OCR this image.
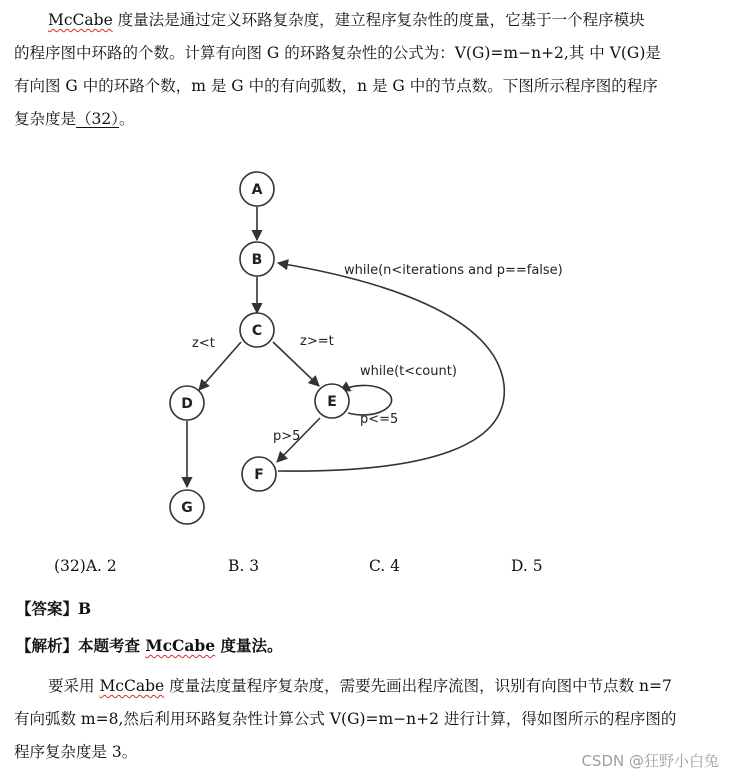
McCabe 度量法是通过定义环路复杂度，建立程序复杂性的度量，它基于一个程序模块
的程序图中环路的个数。计算有向图 G 的环路复杂性的公式为：V(G)=m−n+2,其 中 V(G)是
有向图 G 中的环路个数，m 是 G 中的有向弧数，n 是 G 中的节点数。下图所示程序图的程序
复杂度是（32）。
A
B
C
D	E
F
G
z<t	z>=t
while(t<count)
p<=5
p>5
while(n<iterations and p==false)
(32)A. 2	B. 3	C. 4	D. 5
【答案】B
【解析】本题考查 McCabe 度量法。
要采用 McCabe 度量法度量程序复杂度，需要先画出程序流图，识别有向图中节点数 n=7
有向弧数 m=8,然后利用环路复杂性计算公式 V(G)=m−n+2 进行计算，得如图所示的程序图的
程序复杂度是 3。	CSDN @狂野小白兔
